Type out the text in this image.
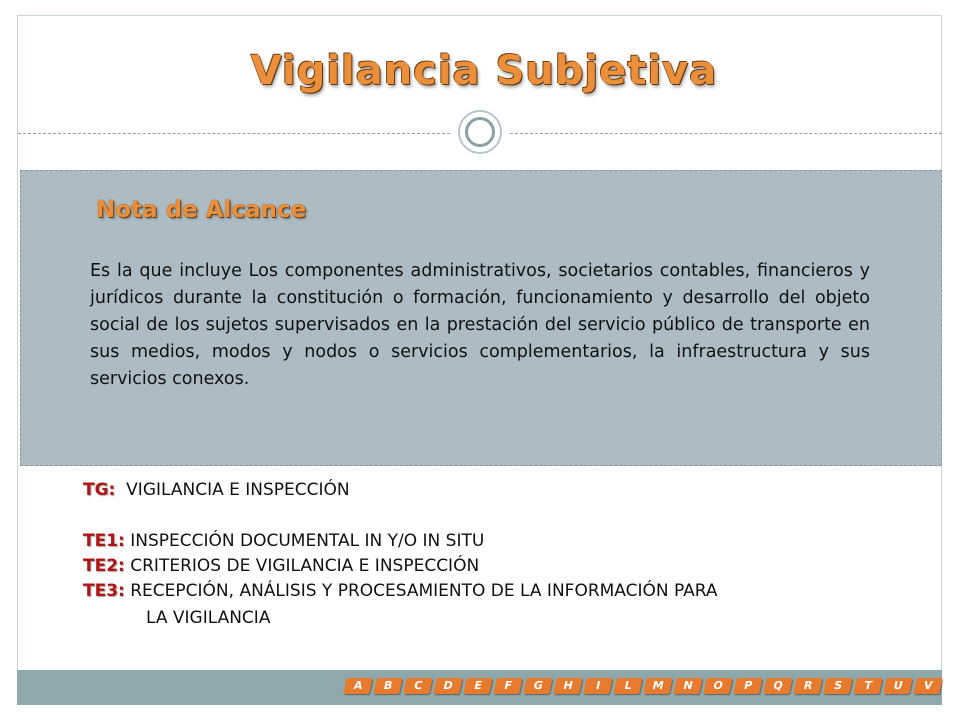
Vigilancia Subjetiva
Nota de Alcance
Es la que incluye Los componentes administrativos, societarios contables, financieros y jurídicos durante la constitución o formación, funcionamiento y desarrollo del objeto social de los sujetos supervisados en la prestación del servicio público de transporte en sus medios, modos y nodos o servicios complementarios, la infraestructura y sus servicios conexos.
TG: VIGILANCIA E INSPECCIÓN
TE1: INSPECCIÓN DOCUMENTAL IN Y/O IN SITU
TE2: CRITERIOS DE VIGILANCIA E INSPECCIÓN
TE3: RECEPCIÓN, ANÁLISIS Y PROCESAMIENTO DE LA INFORMACIÓN PARA
LA VIGILANCIA
A	B	C	D	E	F	G	H	I	L	M	N	O	P	Q	R	S	T	U	V
